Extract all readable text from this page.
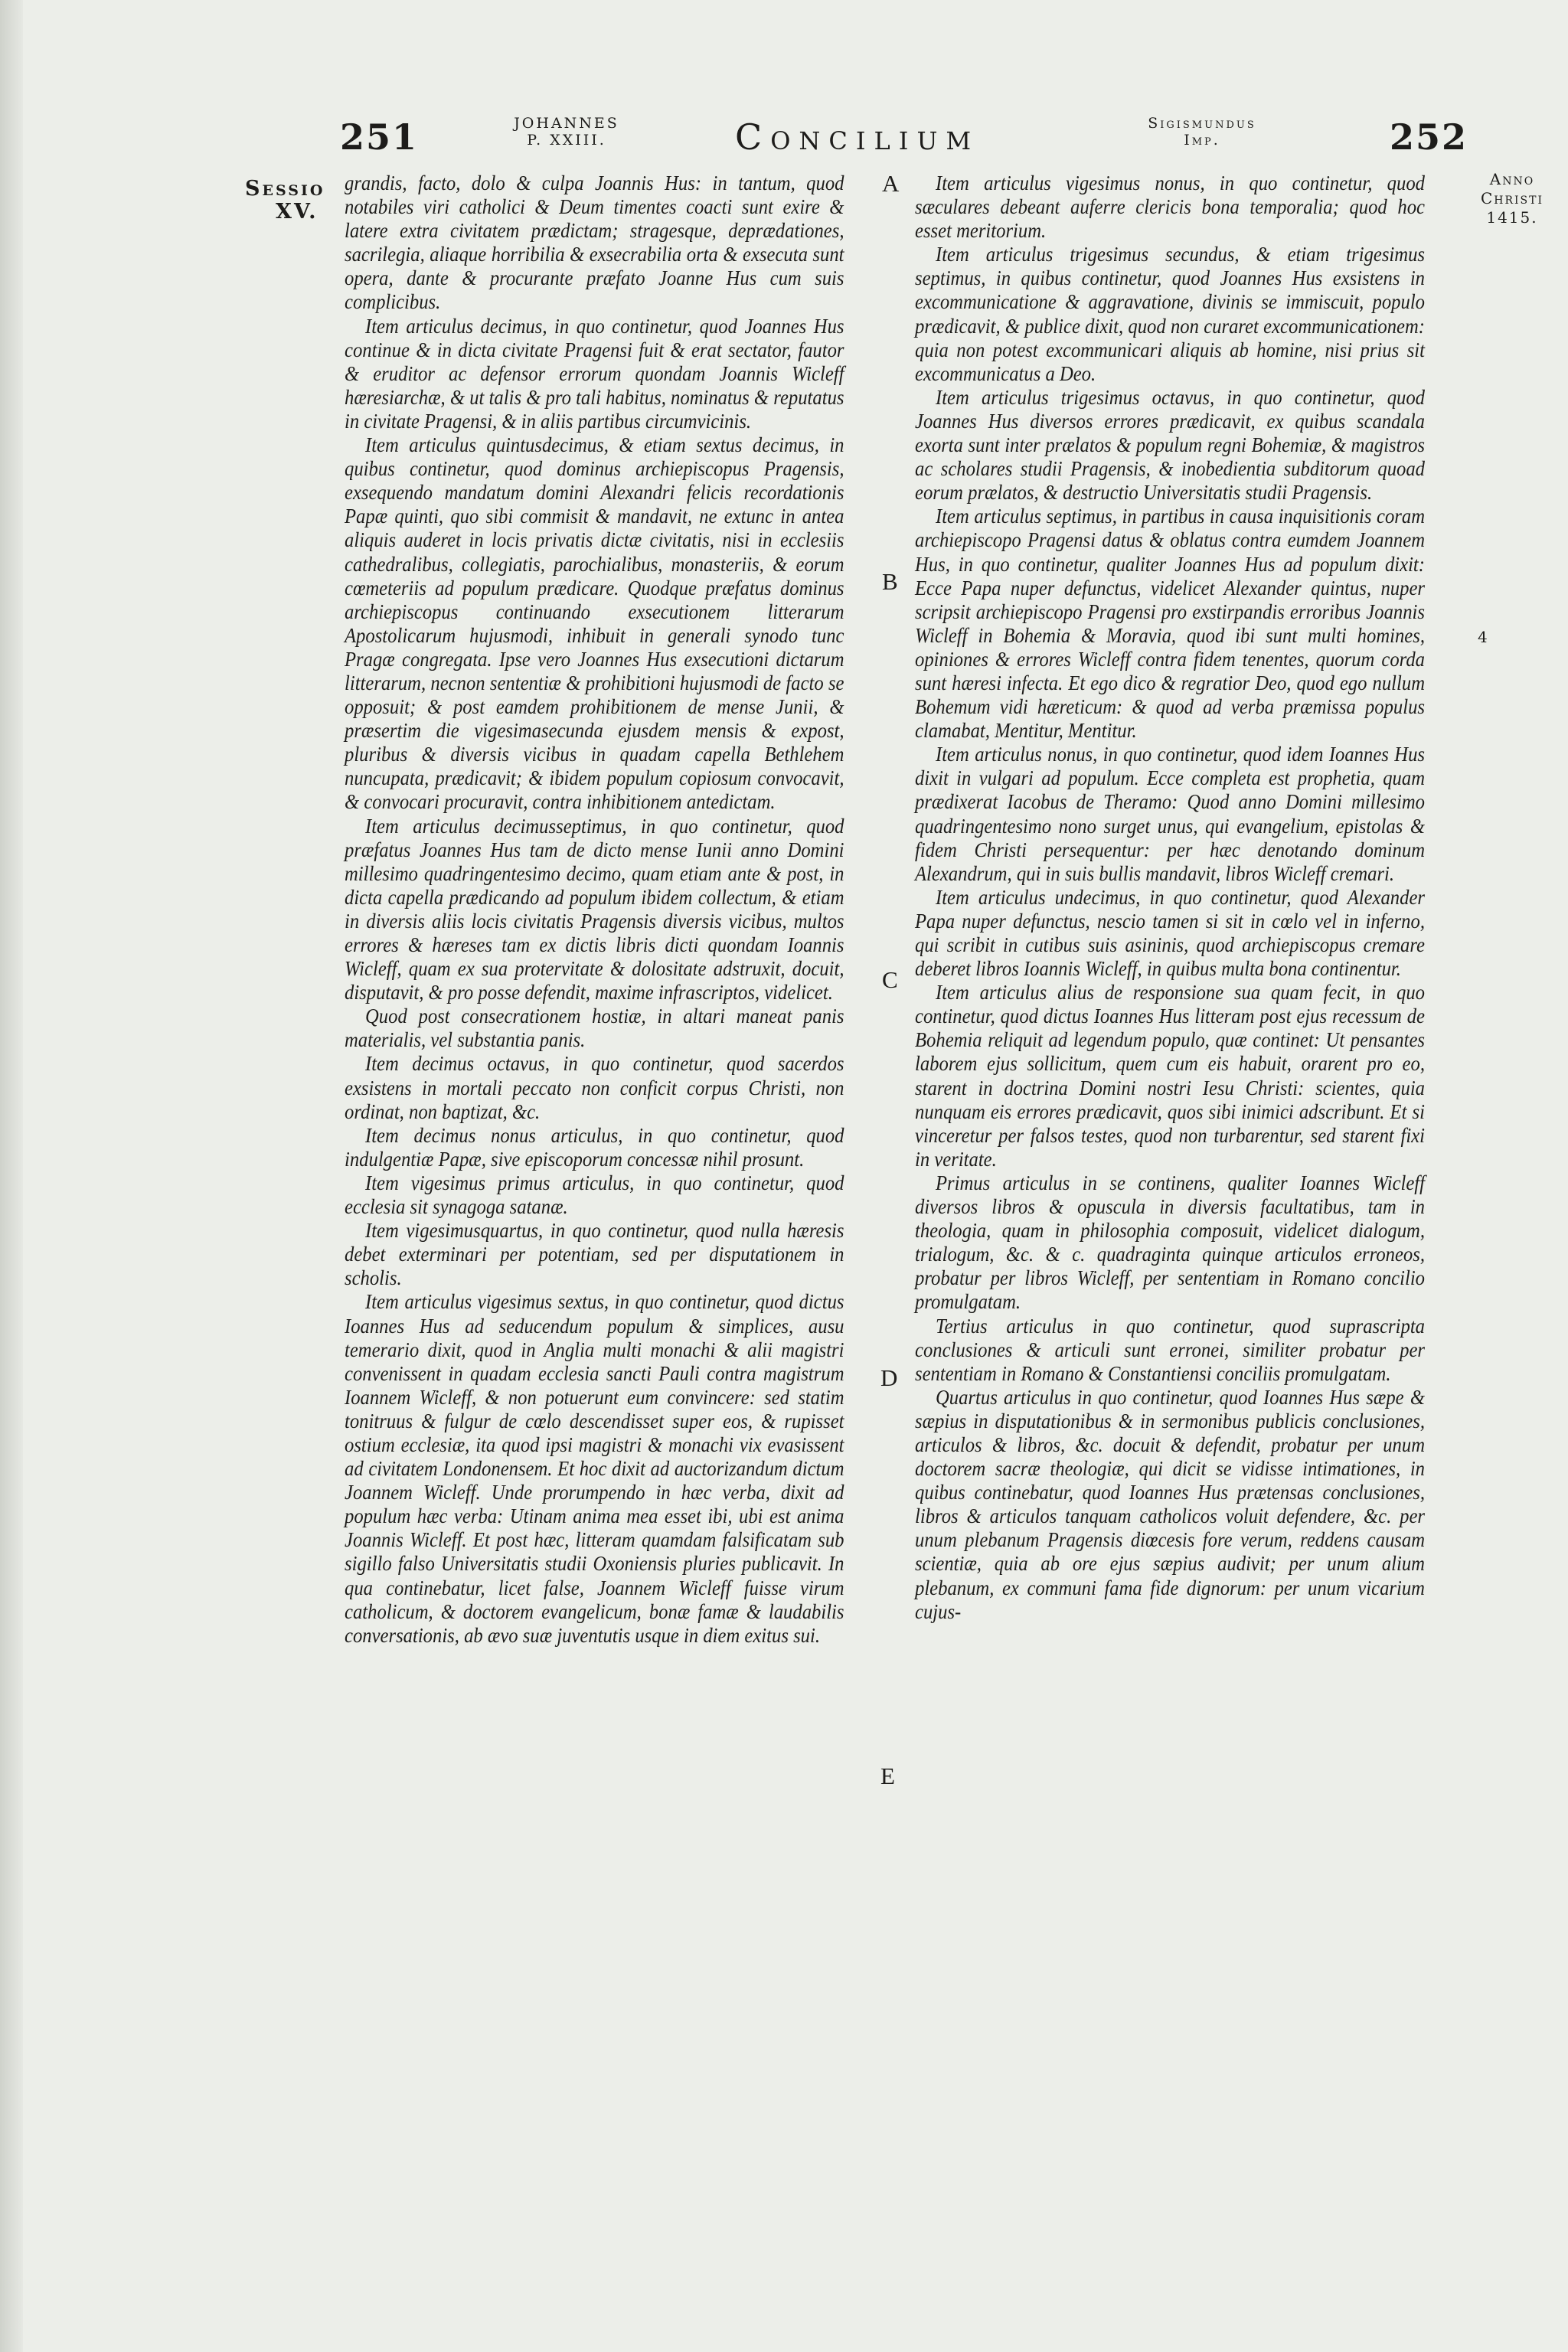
251	JOHANNES
P. XXIII.	Concilium	Sigismundus
Imp.	252
Sessio
XV.
Anno
Christi
1415.
A
B
C
D
E
4

grandis, facto, dolo & culpa Joannis Hus: in tantum, quod notabiles viri catholici & Deum timentes coacti sunt exire & latere extra civitatem prædictam; stragesque, deprædationes, sacrilegia, aliaque horribilia & exsecrabilia orta & exsecuta sunt opera, dante & procurante præfato Joanne Hus cum suis complicibus.

Item articulus decimus, in quo continetur, quod Joannes Hus continue & in dicta civitate Pragensi fuit & erat sectator, fautor & eruditor ac defensor errorum quondam Joannis Wicleff hæresiarchæ, & ut talis & pro tali habitus, nominatus & reputatus in civitate Pragensi, & in aliis partibus circumvicinis.

Item articulus quintusdecimus, & etiam sextus decimus, in quibus continetur, quod dominus archiepiscopus Pragensis, exsequendo mandatum domini Alexandri felicis recordationis Papæ quinti, quo sibi commisit & mandavit, ne extunc in antea aliquis auderet in locis privatis dictæ civitatis, nisi in ecclesiis cathedralibus, collegiatis, parochialibus, monasteriis, & eorum cœmeteriis ad populum prædicare. Quodque præfatus dominus archiepiscopus continuando exsecutionem litterarum Apostolicarum hujusmodi, inhibuit in generali synodo tunc Pragæ congregata. Ipse vero Joannes Hus exsecutioni dictarum litterarum, necnon sententiæ & prohibitioni hujusmodi de facto se opposuit; & post eamdem prohibitionem de mense Junii, & præsertim die vigesimasecunda ejusdem mensis & expost, pluribus & diversis vicibus in quadam capella Bethlehem nuncupata, prædicavit; & ibidem populum copiosum convocavit, & convocari procuravit, contra inhibitionem antedictam.

Item articulus decimusseptimus, in quo continetur, quod præfatus Joannes Hus tam de dicto mense Iunii anno Domini millesimo quadringentesimo decimo, quam etiam ante & post, in dicta capella prædicando ad populum ibidem collectum, & etiam in diversis aliis locis civitatis Pragensis diversis vicibus, multos errores & hæreses tam ex dictis libris dicti quondam Ioannis Wicleff, quam ex sua protervitate & dolositate adstruxit, docuit, disputavit, & pro posse defendit, maxime infrascriptos, videlicet.

Quod post consecrationem hostiæ, in altari maneat panis materialis, vel substantia panis.

Item decimus octavus, in quo continetur, quod sacerdos exsistens in mortali peccato non conficit corpus Christi, non ordinat, non baptizat, &c.

Item decimus nonus articulus, in quo continetur, quod indulgentiæ Papæ, sive episcoporum concessæ nihil prosunt.

Item vigesimus primus articulus, in quo continetur, quod ecclesia sit synagoga satanæ.

Item vigesimusquartus, in quo continetur, quod nulla hæresis debet exterminari per potentiam, sed per disputationem in scholis.

Item articulus vigesimus sextus, in quo continetur, quod dictus Ioannes Hus ad seducendum populum & simplices, ausu temerario dixit, quod in Anglia multi monachi & alii magistri convenissent in quadam ecclesia sancti Pauli contra magistrum Ioannem Wicleff, & non potuerunt eum convincere: sed statim tonitruus & fulgur de cœlo descendisset super eos, & rupisset ostium ecclesiæ, ita quod ipsi magistri & monachi vix evasissent ad civitatem Londonensem. Et hoc dixit ad auctorizandum dictum Joannem Wicleff. Unde prorumpendo in hæc verba, dixit ad populum hæc verba: Utinam anima mea esset ibi, ubi est anima Joannis Wicleff. Et post hæc, litteram quamdam falsificatam sub sigillo falso Universitatis studii Oxoniensis pluries publicavit. In qua continebatur, licet false, Joannem Wicleff fuisse virum catholicum, & doctorem evangelicum, bonæ famæ & laudabilis conversationis, ab ævo suæ juventutis usque in diem exitus sui.

Item articulus vigesimus nonus, in quo continetur, quod sæculares debeant auferre clericis bona temporalia; quod hoc esset meritorium.

Item articulus trigesimus secundus, & etiam trigesimus septimus, in quibus continetur, quod Joannes Hus exsistens in excommunicatione & aggravatione, divinis se immiscuit, populo prædicavit, & publice dixit, quod non curaret excommunicationem: quia non potest excommunicari aliquis ab homine, nisi prius sit excommunicatus a Deo.

Item articulus trigesimus octavus, in quo continetur, quod Joannes Hus diversos errores prædicavit, ex quibus scandala exorta sunt inter prælatos & populum regni Bohemiæ, & magistros ac scholares studii Pragensis, & inobedientia subditorum quoad eorum prælatos, & destructio Universitatis studii Pragensis.

Item articulus septimus, in partibus in causa inquisitionis coram archiepiscopo Pragensi datus & oblatus contra eumdem Joannem Hus, in quo continetur, qualiter Joannes Hus ad populum dixit: Ecce Papa nuper defunctus, videlicet Alexander quintus, nuper scripsit archiepiscopo Pragensi pro exstirpandis erroribus Joannis Wicleff in Bohemia & Moravia, quod ibi sunt multi homines, opiniones & errores Wicleff contra fidem tenentes, quorum corda sunt hæresi infecta. Et ego dico & regratior Deo, quod ego nullum Bohemum vidi hæreticum: & quod ad verba præmissa populus clamabat, Mentitur, Mentitur.

Item articulus nonus, in quo continetur, quod idem Ioannes Hus dixit in vulgari ad populum. Ecce completa est prophetia, quam prædixerat Iacobus de Theramo: Quod anno Domini millesimo quadringentesimo nono surget unus, qui evangelium, epistolas & fidem Christi persequentur: per hæc denotando dominum Alexandrum, qui in suis bullis mandavit, libros Wicleff cremari.

Item articulus undecimus, in quo continetur, quod Alexander Papa nuper defunctus, nescio tamen si sit in cœlo vel in inferno, qui scribit in cutibus suis asininis, quod archiepiscopus cremare deberet libros Ioannis Wicleff, in quibus multa bona continentur.

Item articulus alius de responsione sua quam fecit, in quo continetur, quod dictus Ioannes Hus litteram post ejus recessum de Bohemia reliquit ad legendum populo, quæ continet: Ut pensantes laborem ejus sollicitum, quem cum eis habuit, orarent pro eo, starent in doctrina Domini nostri Iesu Christi: scientes, quia nunquam eis errores prædicavit, quos sibi inimici adscribunt. Et si vinceretur per falsos testes, quod non turbarentur, sed starent fixi in veritate.

Primus articulus in se continens, qualiter Ioannes Wicleff diversos libros & opuscula in diversis facultatibus, tam in theologia, quam in philosophia composuit, videlicet dialogum, trialogum, &c. & c. quadraginta quinque articulos erroneos, probatur per libros Wicleff, per sententiam in Romano concilio promulgatam.

Tertius articulus in quo continetur, quod suprascripta conclusiones & articuli sunt erronei, similiter probatur per sententiam in Romano & Constantiensi conciliis promulgatam.

Quartus articulus in quo continetur, quod Ioannes Hus sæpe & sæpius in disputationibus & in sermonibus publicis conclusiones, articulos & libros, &c. docuit & defendit, probatur per unum doctorem sacræ theologiæ, qui dicit se vidisse intimationes, in quibus continebatur, quod Ioannes Hus prætensas conclusiones, libros & articulos tanquam catholicos voluit defendere, &c. per unum plebanum Pragensis diœcesis fore verum, reddens causam scientiæ, quia ab ore ejus sæpius audivit; per unum alium plebanum, ex communi fama fide dignorum: per unum vicarium cujus-
